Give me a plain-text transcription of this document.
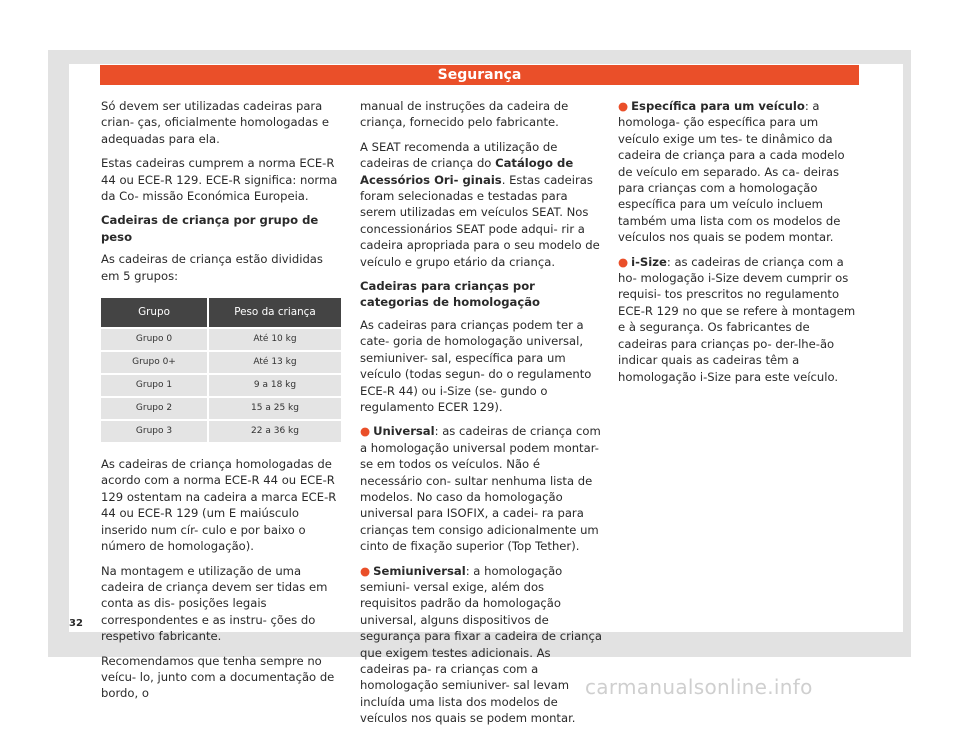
Segurança

Só devem ser utilizadas cadeiras para crian- ças, oficialmente homologadas e adequadas para ela.

Estas cadeiras cumprem a norma ECE-R 44 ou ECE-R 129. ECE-R significa: norma da Co- missão Económica Europeia.

Cadeiras de criança por grupo de peso

As cadeiras de criança estão divididas em 5 grupos:

Grupo	Peso da criança
Grupo 0	Até 10 kg
Grupo 0+	Até 13 kg
Grupo 1	9 a 18 kg
Grupo 2	15 a 25 kg
Grupo 3	22 a 36 kg

As cadeiras de criança homologadas de acordo com a norma ECE-R 44 ou ECE-R 129 ostentam na cadeira a marca ECE-R 44 ou ECE-R 129 (um E maiúsculo inserido num cír- culo e por baixo o número de homologação).

Na montagem e utilização de uma cadeira de criança devem ser tidas em conta as dis- posições legais correspondentes e as instru- ções do respetivo fabricante.

Recomendamos que tenha sempre no veícu- lo, junto com a documentação de bordo, o

manual de instruções da cadeira de criança, fornecido pelo fabricante.

A SEAT recomenda a utilização de cadeiras de criança do Catálogo de Acessórios Ori- ginais. Estas cadeiras foram selecionadas e testadas para serem utilizadas em veículos SEAT. Nos concessionários SEAT pode adqui- rir a cadeira apropriada para o seu modelo de veículo e grupo etário da criança.

Cadeiras para crianças por categorias de homologação

As cadeiras para crianças podem ter a cate- goria de homologação universal, semiuniver- sal, específica para um veículo (todas segun- do o regulamento ECE-R 44) ou i-Size (se- gundo o regulamento ECER 129).

● Universal: as cadeiras de criança com a homologação universal podem montar-se em todos os veículos. Não é necessário con- sultar nenhuma lista de modelos. No caso da homologação universal para ISOFIX, a cadei- ra para crianças tem consigo adicionalmente um cinto de fixação superior (Top Tether).

● Semiuniversal: a homologação semiuni- versal exige, além dos requisitos padrão da homologação universal, alguns dispositivos de segurança para fixar a cadeira de criança que exigem testes adicionais. As cadeiras pa- ra crianças com a homologação semiuniver- sal levam incluída uma lista dos modelos de veículos nos quais se podem montar.

● Específica para um veículo: a homologa- ção específica para um veículo exige um tes- te dinâmico da cadeira de criança para a cada modelo de veículo em separado. As ca- deiras para crianças com a homologação específica para um veículo incluem também uma lista com os modelos de veículos nos quais se podem montar.

● i-Size: as cadeiras de criança com a ho- mologação i-Size devem cumprir os requisi- tos prescritos no regulamento ECE-R 129 no que se refere à montagem e à segurança. Os fabricantes de cadeiras para crianças po- der-lhe-ão indicar quais as cadeiras têm a homologação i-Size para este veículo.

32
carmanualsonline.info
